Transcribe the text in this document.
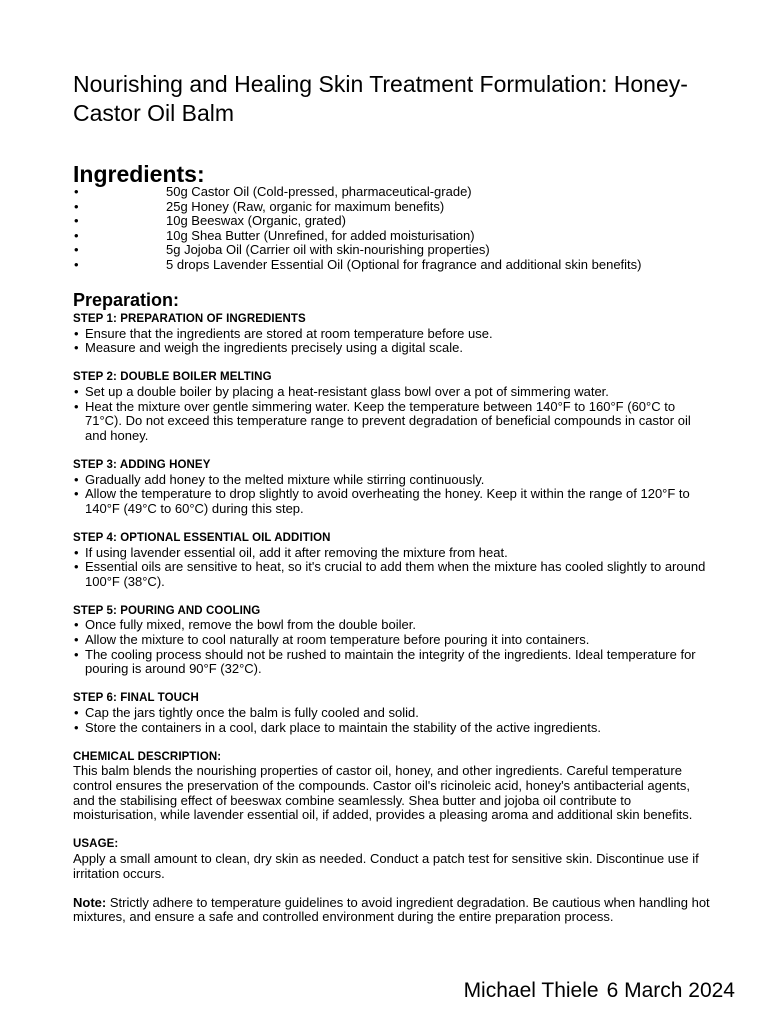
Nourishing and Healing Skin Treatment Formulation: Honey-Castor Oil Balm
Ingredients:
•	50g Castor Oil (Cold-pressed, pharmaceutical-grade)
•	25g Honey (Raw, organic for maximum benefits)
•	10g Beeswax (Organic, grated)
•	10g Shea Butter (Unrefined, for added moisturisation)
•	5g Jojoba Oil (Carrier oil with skin-nourishing properties)
•	5 drops Lavender Essential Oil (Optional for fragrance and additional skin benefits)
Preparation:
STEP 1: PREPARATION OF INGREDIENTS
• Ensure that the ingredients are stored at room temperature before use.
• Measure and weigh the ingredients precisely using a digital scale.
STEP 2: DOUBLE BOILER MELTING
• Set up a double boiler by placing a heat-resistant glass bowl over a pot of simmering water.
• Heat the mixture over gentle simmering water. Keep the temperature between 140°F to 160°F (60°C to 71°C). Do not exceed this temperature range to prevent degradation of beneficial compounds in castor oil and honey.
STEP 3: ADDING HONEY
• Gradually add honey to the melted mixture while stirring continuously.
• Allow the temperature to drop slightly to avoid overheating the honey. Keep it within the range of 120°F to 140°F (49°C to 60°C) during this step.
STEP 4: OPTIONAL ESSENTIAL OIL ADDITION
• If using lavender essential oil, add it after removing the mixture from heat.
• Essential oils are sensitive to heat, so it's crucial to add them when the mixture has cooled slightly to around 100°F (38°C).
STEP 5: POURING AND COOLING
• Once fully mixed, remove the bowl from the double boiler.
• Allow the mixture to cool naturally at room temperature before pouring it into containers.
• The cooling process should not be rushed to maintain the integrity of the ingredients. Ideal temperature for pouring is around 90°F (32°C).
STEP 6: FINAL TOUCH
• Cap the jars tightly once the balm is fully cooled and solid.
• Store the containers in a cool, dark place to maintain the stability of the active ingredients.
CHEMICAL DESCRIPTION:

This balm blends the nourishing properties of castor oil, honey, and other ingredients. Careful temperature control ensures the preservation of the compounds. Castor oil's ricinoleic acid, honey's antibacterial agents, and the stabilising effect of beeswax combine seamlessly. Shea butter and jojoba oil contribute to moisturisation, while lavender essential oil, if added, provides a pleasing aroma and additional skin benefits.

USAGE:

Apply a small amount to clean, dry skin as needed. Conduct a patch test for sensitive skin. Discontinue use if irritation occurs.

Note: Strictly adhere to temperature guidelines to avoid ingredient degradation. Be cautious when handling hot mixtures, and ensure a safe and controlled environment during the entire preparation process.

Michael Thiele 6 March 2024
